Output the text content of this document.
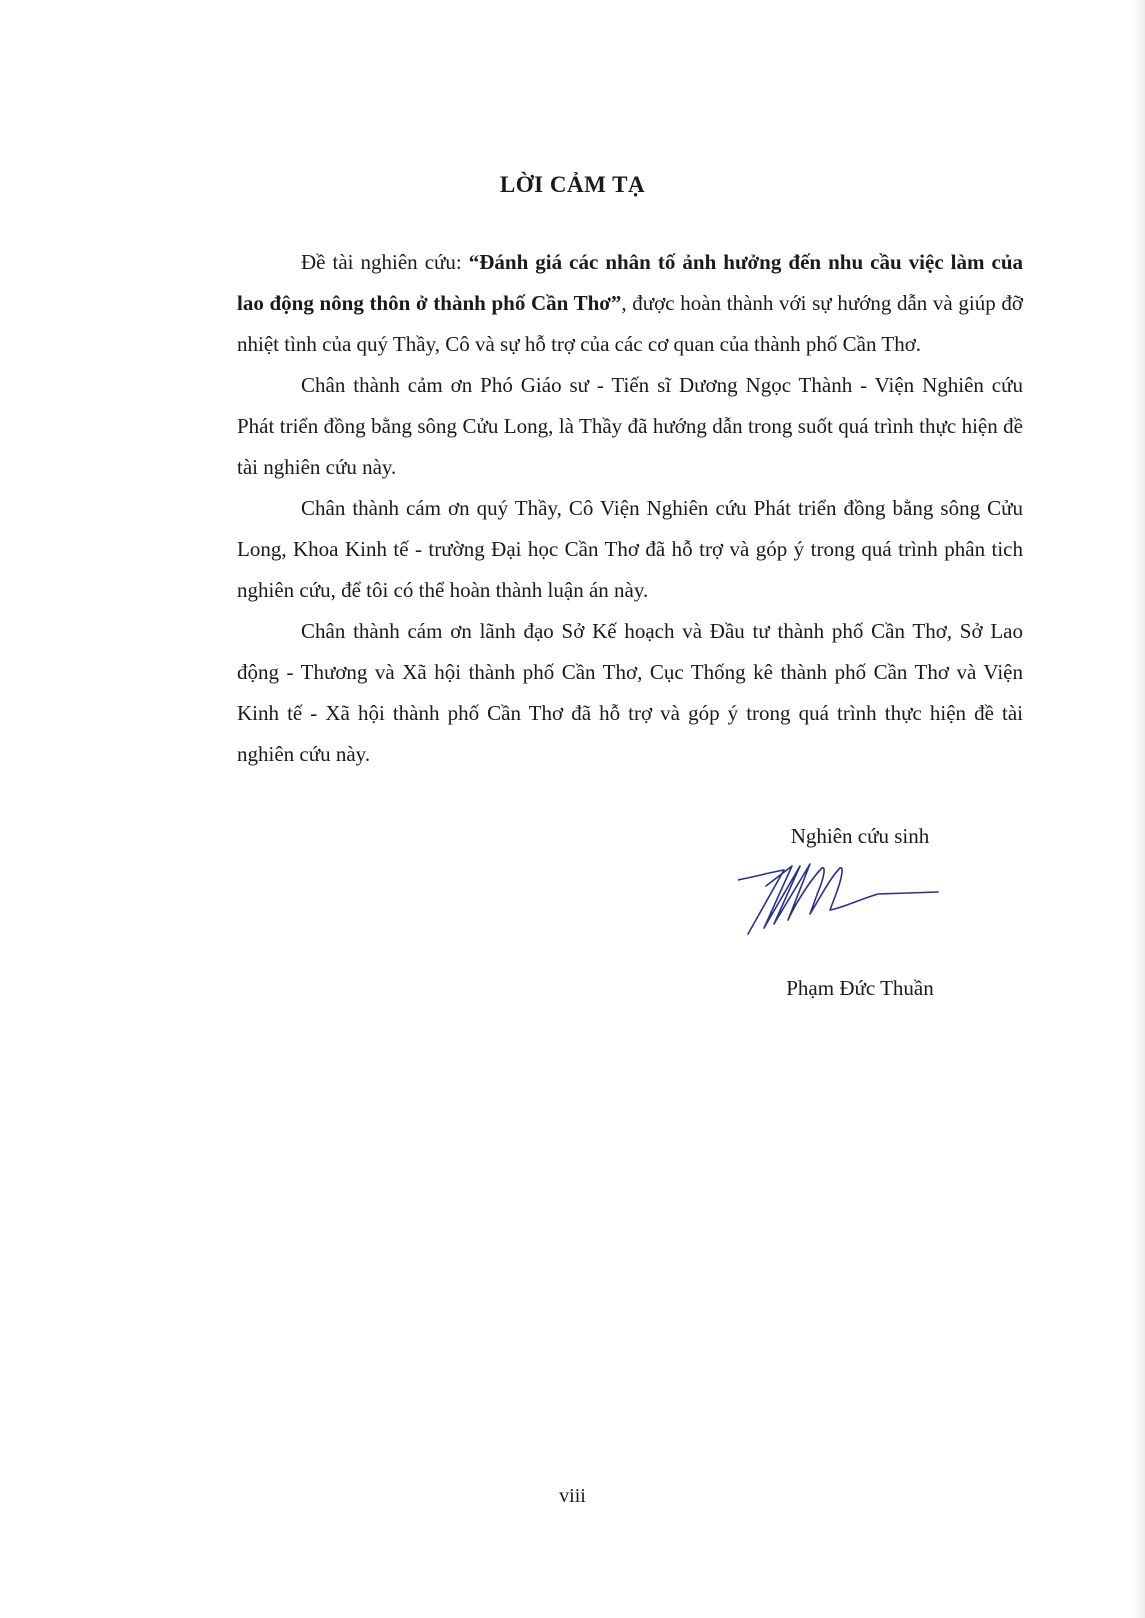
LỜI CẢM TẠ

Đề tài nghiên cứu: “Đánh giá các nhân tố ảnh hưởng đến nhu cầu việc làm của lao động nông thôn ở thành phố Cần Thơ”, được hoàn thành với sự hướng dẫn và giúp đỡ nhiệt tình của quý Thầy, Cô và sự hỗ trợ của các cơ quan của thành phố Cần Thơ.

Chân thành cảm ơn Phó Giáo sư - Tiến sĩ Dương Ngọc Thành - Viện Nghiên cứu Phát triển đồng bằng sông Cửu Long, là Thầy đã hướng dẫn trong suốt quá trình thực hiện đề tài nghiên cứu này.

Chân thành cám ơn quý Thầy, Cô Viện Nghiên cứu Phát triển đồng bằng sông Cửu Long, Khoa Kinh tế - trường Đại học Cần Thơ đã hỗ trợ và góp ý trong quá trình phân tich nghiên cứu, để tôi có thể hoàn thành luận án này.

Chân thành cám ơn lãnh đạo Sở Kế hoạch và Đầu tư thành phố Cần Thơ, Sở Lao động - Thương và Xã hội thành phố Cần Thơ, Cục Thống kê thành phố Cần Thơ và Viện Kinh tế - Xã hội thành phố Cần Thơ đã hỗ trợ và góp ý trong quá trình thực hiện đề tài nghiên cứu này.

Nghiên cứu sinh
Phạm Đức Thuần
viii
